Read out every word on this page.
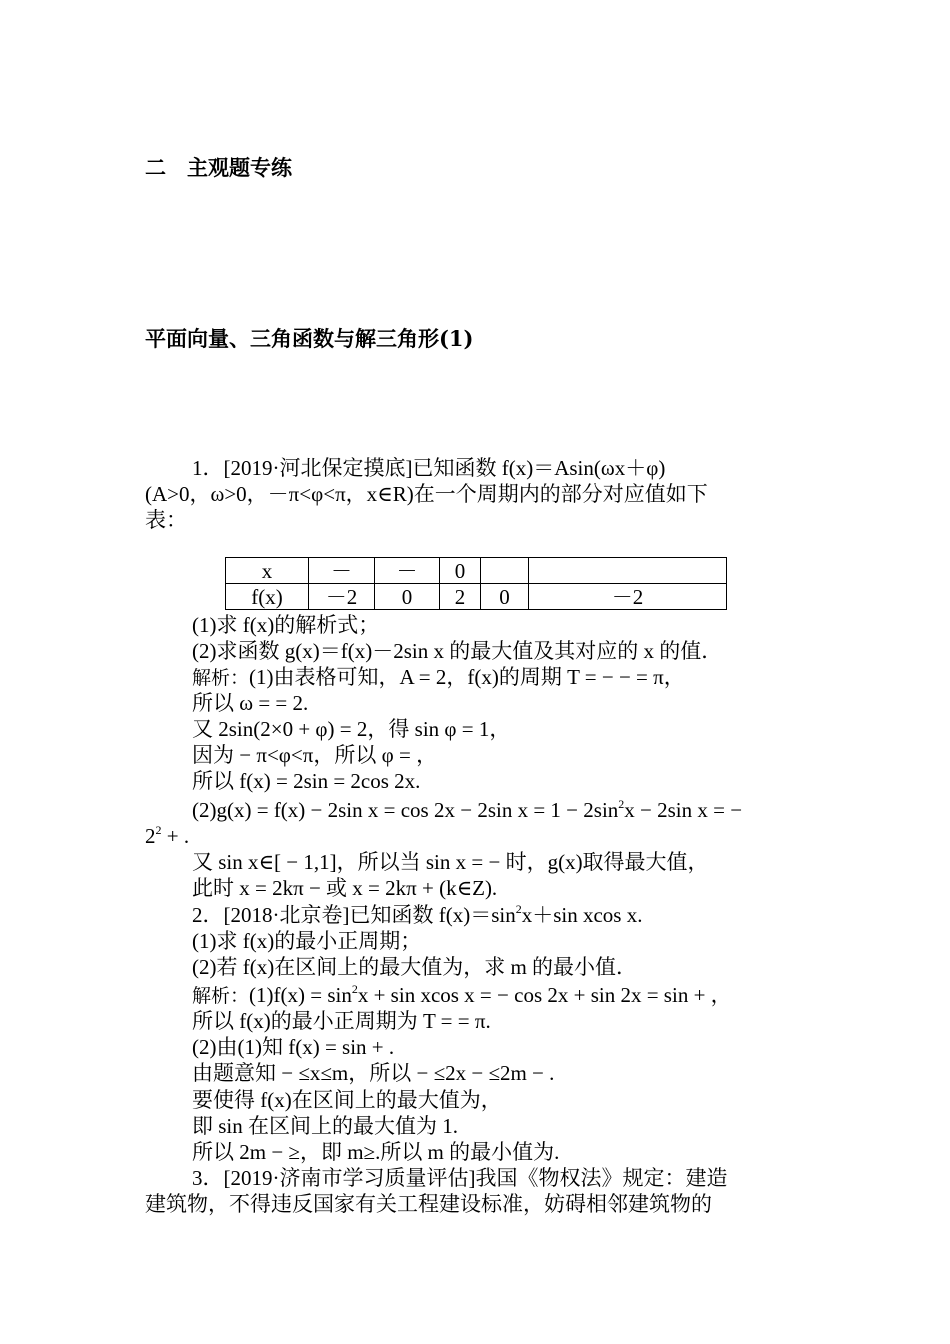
二　主观题专练
平面向量、三角函数与解三角形(1)
1．[2019·河北保定摸底]已知函数 f(x)＝Asin(ωx＋φ)
(A>0，ω>0，－π<φ<π，x∈R)在一个周期内的部分对应值如下
表：
x	－	－	0		
f(x)	－2	0	2	0	－2
(1)求 f(x)的解析式；
(2)求函数 g(x)＝f(x)－2sin x 的最大值及其对应的 x 的值．
解析：(1)由表格可知，A = 2，f(x)的周期 T = − − = π，
所以 ω = = 2.
又 2sin(2×0 + φ) = 2，得 sin φ = 1，
因为 − π<φ<π，所以 φ = ，
所以 f(x) = 2sin = 2cos 2x.
(2)g(x) = f(x) − 2sin x = cos 2x − 2sin $x = 1 - 2\sin^2x - 2\sin$ x = −
$2^2$ + .
又 sin x∈[ − 1,1]，所以当 sin x = − 时，g(x)取得最大值，
此时 x = 2kπ − 或 x = 2kπ + (k∈Z).
2．[2018·北京卷]已知函数 $f(x)=\sin^2x+\sin$ xcos x.
(1)求 f(x)的最小正周期；
(2)若 f(x)在区间上的最大值为，求 m 的最小值．
解析：$(1)f(x) = \sin^2x + \sin xcos$ x = − cos 2x + sin 2x = sin + ，
所以 f(x)的最小正周期为 T = = π.
(2)由(1)知 f(x) = sin + .
由题意知 − ≤x≤m，所以 − ≤2x − ≤2m − .
要使得 f(x)在区间上的最大值为，
即 sin 在区间上的最大值为 1.
所以 2m − ≥，即 m≥.所以 m 的最小值为.
3．[2019·济南市学习质量评估]我国《物权法》规定：建造
建筑物，不得违反国家有关工程建设标准，妨碍相邻建筑物的
